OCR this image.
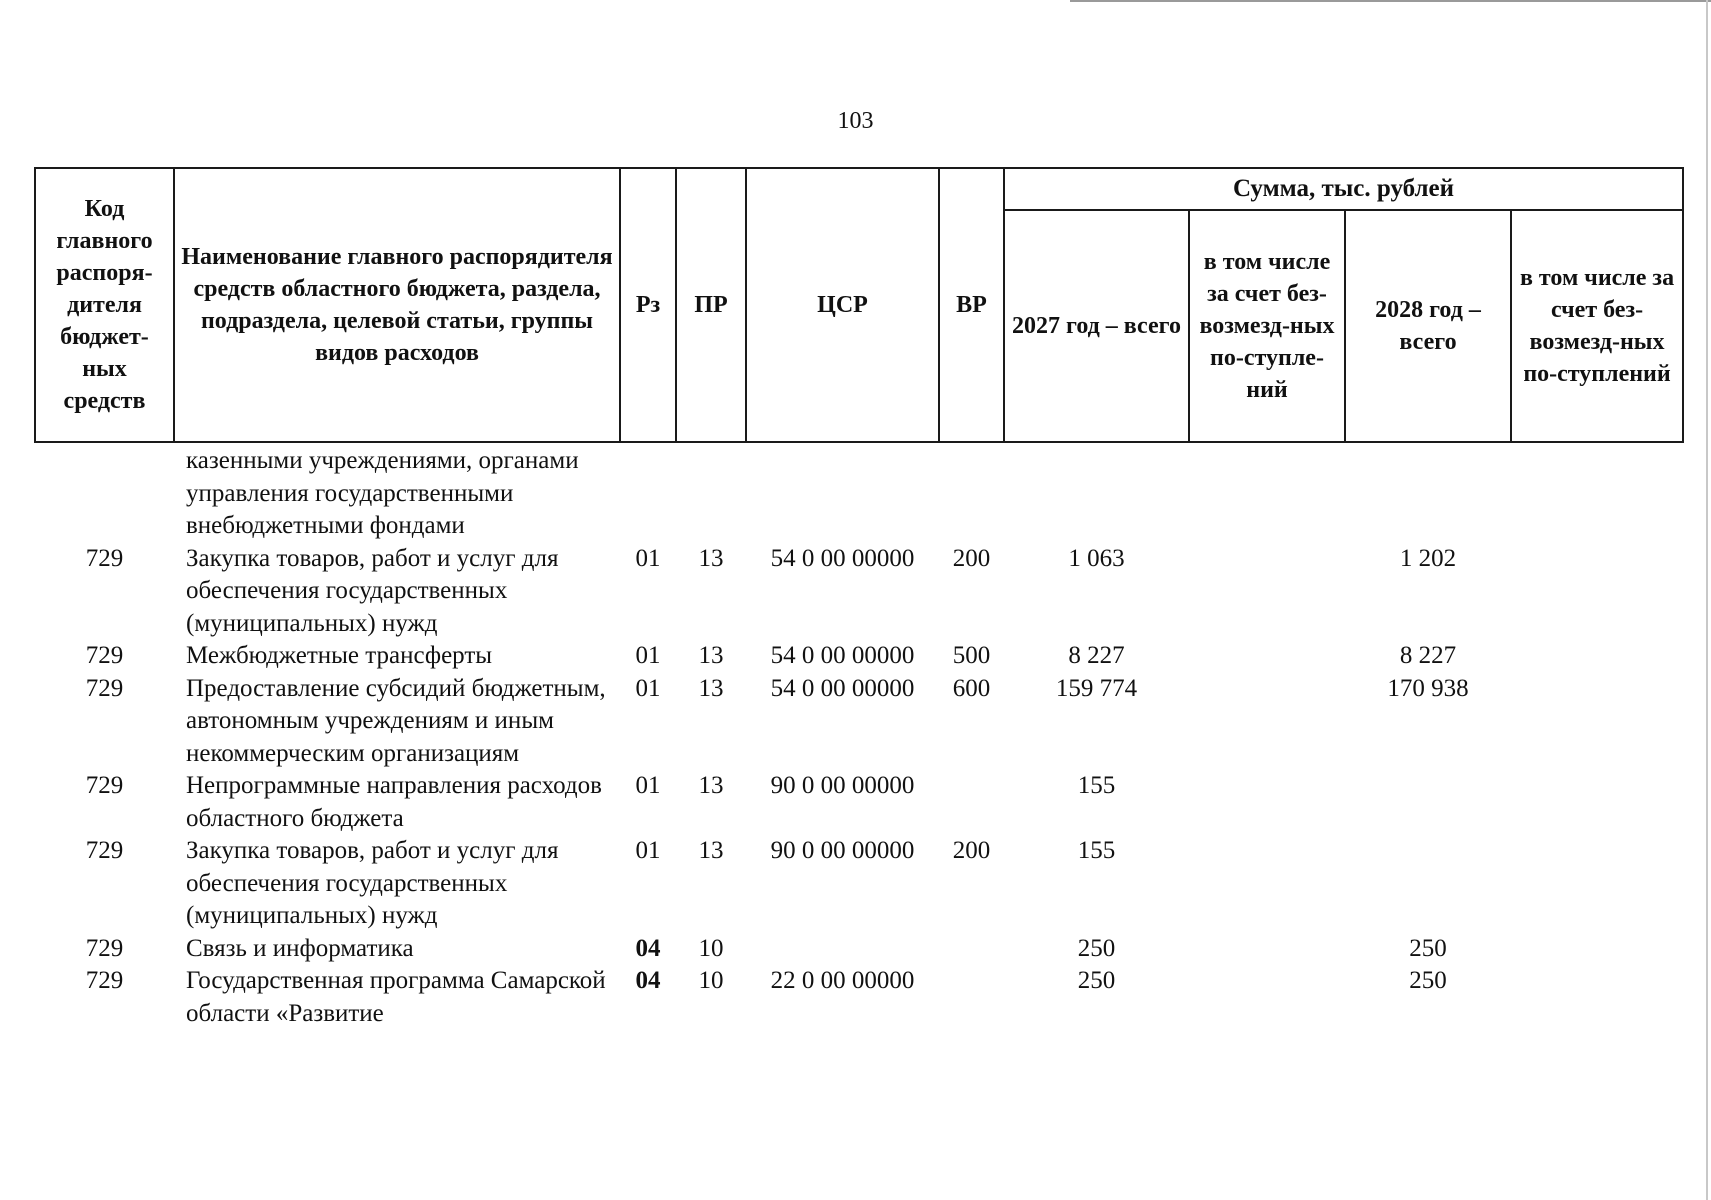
103
Код главного распоря-дителя бюджет-ных средств	Наименование главного распорядителя средств областного бюджета, раздела, подраздела, целевой статьи, группы видов расходов	Рз	ПР	ЦСР	ВР	Сумма, тыс. рублей			
						2027 год – всего	в том числе за счет без-возмезд-ных по-ступле-ний	2028 год – всего	в том числе за счет без-возмезд-ных по-ступлений
	казенными учреждениями, органами управления государственными внебюджетными фондами								
729	Закупка товаров, работ и услуг для обеспечения государственных (муниципальных) нужд	01	13	54 0 00 00000	200	1 063		1 202	
729	Межбюджетные трансферты	01	13	54 0 00 00000	500	8 227		8 227	
729	Предоставление субсидий бюджетным, автономным учреждениям и иным некоммерческим организациям	01	13	54 0 00 00000	600	159 774		170 938	
729	Непрограммные направления расходов областного бюджета	01	13	90 0 00 00000		155			
729	Закупка товаров, работ и услуг для обеспечения государственных (муниципальных) нужд	01	13	90 0 00 00000	200	155			
729	Связь и информатика	04	10			250		250	
729	Государственная программа Самарской области «Развитие	04	10	22 0 00 00000		250		250	
